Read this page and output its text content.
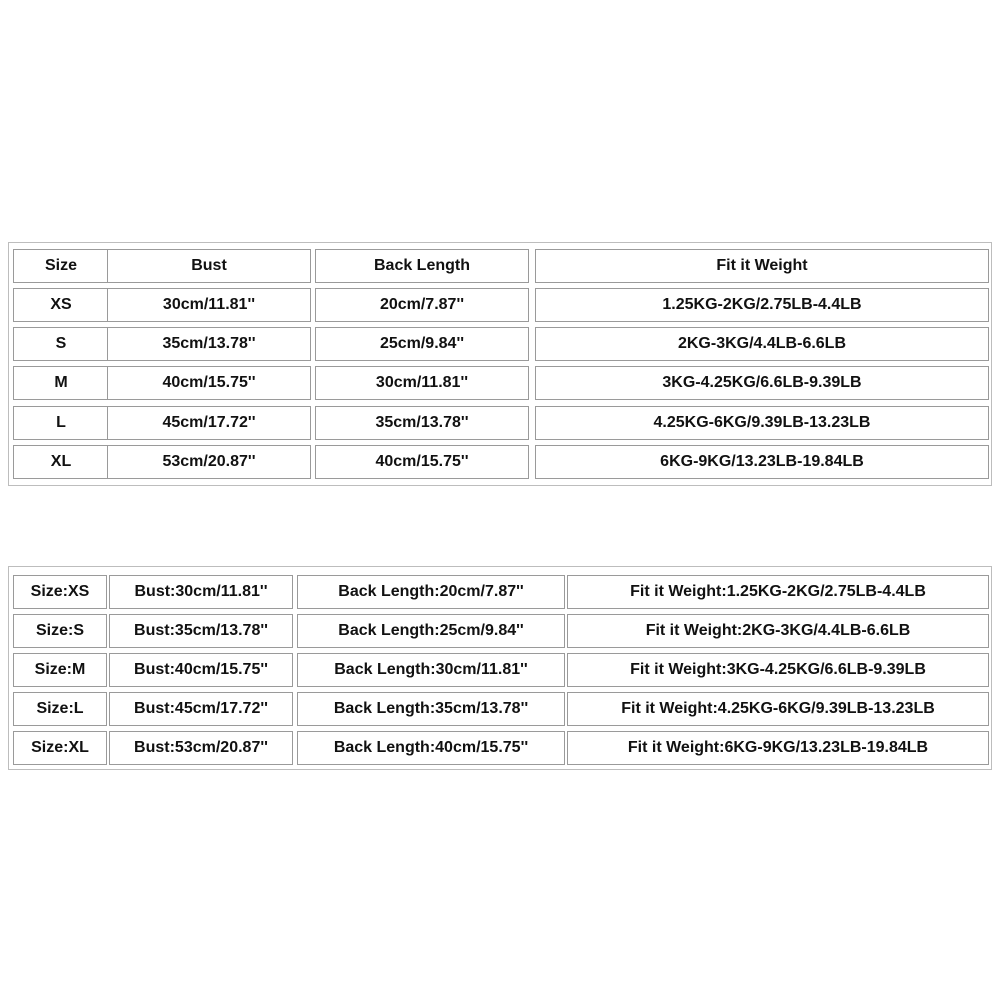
Size	Bust	Back Length	Fit it Weight
XS	30cm/11.81''	20cm/7.87''	1.25KG-2KG/2.75LB-4.4LB
S	35cm/13.78''	25cm/9.84''	2KG-3KG/4.4LB-6.6LB
M	40cm/15.75''	30cm/11.81''	3KG-4.25KG/6.6LB-9.39LB
L	45cm/17.72''	35cm/13.78''	4.25KG-6KG/9.39LB-13.23LB
XL	53cm/20.87''	40cm/15.75''	6KG-9KG/13.23LB-19.84LB
Size:XS	Bust:30cm/11.81''	Back Length:20cm/7.87''	Fit it Weight:1.25KG-2KG/2.75LB-4.4LB
Size:S	Bust:35cm/13.78''	Back Length:25cm/9.84''	Fit it Weight:2KG-3KG/4.4LB-6.6LB
Size:M	Bust:40cm/15.75''	Back Length:30cm/11.81''	Fit it Weight:3KG-4.25KG/6.6LB-9.39LB
Size:L	Bust:45cm/17.72''	Back Length:35cm/13.78''	Fit it Weight:4.25KG-6KG/9.39LB-13.23LB
Size:XL	Bust:53cm/20.87''	Back Length:40cm/15.75''	Fit it Weight:6KG-9KG/13.23LB-19.84LB
